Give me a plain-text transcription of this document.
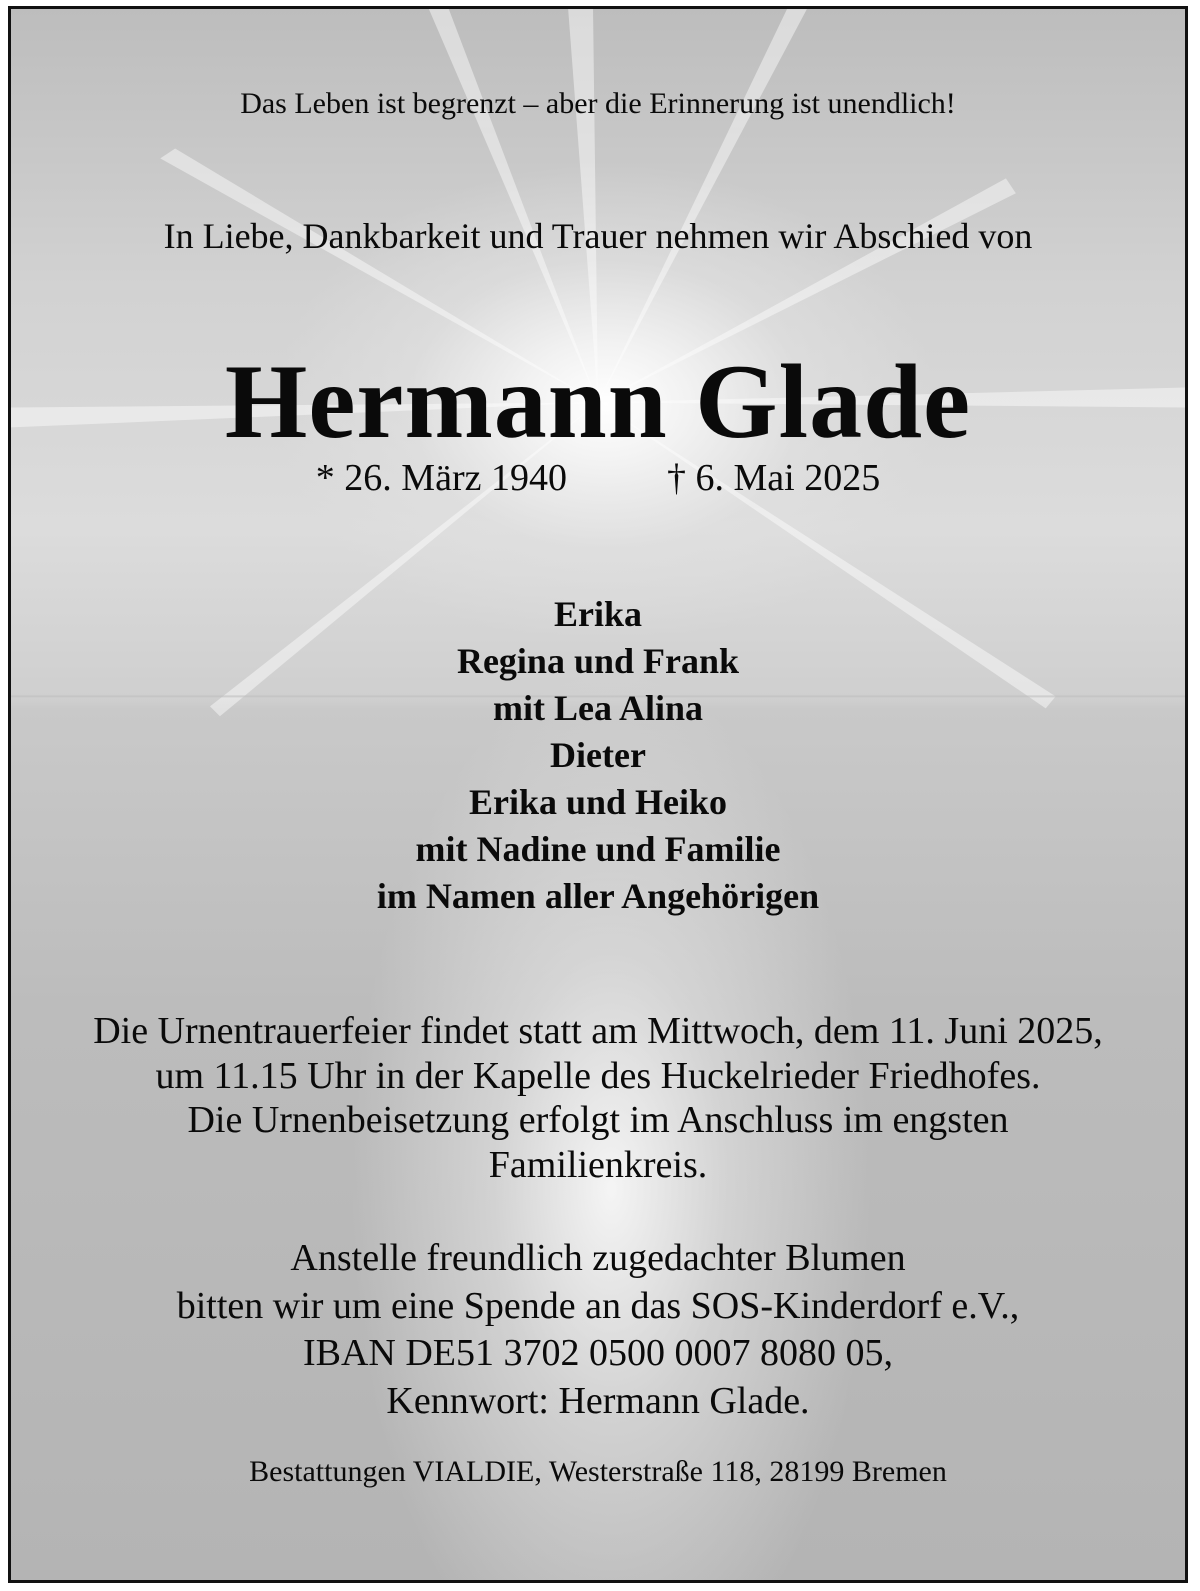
Das Leben ist begrenzt – aber die Erinnerung ist unendlich!
In Liebe, Dankbarkeit und Trauer nehmen wir Abschied von
Hermann Glade
* 26. März 1940	† 6. Mai 2025
Erika
Regina und Frank
mit Lea Alina
Dieter
Erika und Heiko
mit Nadine und Familie
im Namen aller Angehörigen
Die Urnentrauerfeier findet statt am Mittwoch, dem 11. Juni 2025,
um 11.15 Uhr in der Kapelle des Huckelrieder Friedhofes.
Die Urnenbeisetzung erfolgt im Anschluss im engsten
Familienkreis.
Anstelle freundlich zugedachter Blumen
bitten wir um eine Spende an das SOS-Kinderdorf e.V.,
IBAN DE51 3702 0500 0007 8080 05,
Kennwort: Hermann Glade.
Bestattungen VIALDIE, Westerstraße 118, 28199 Bremen
